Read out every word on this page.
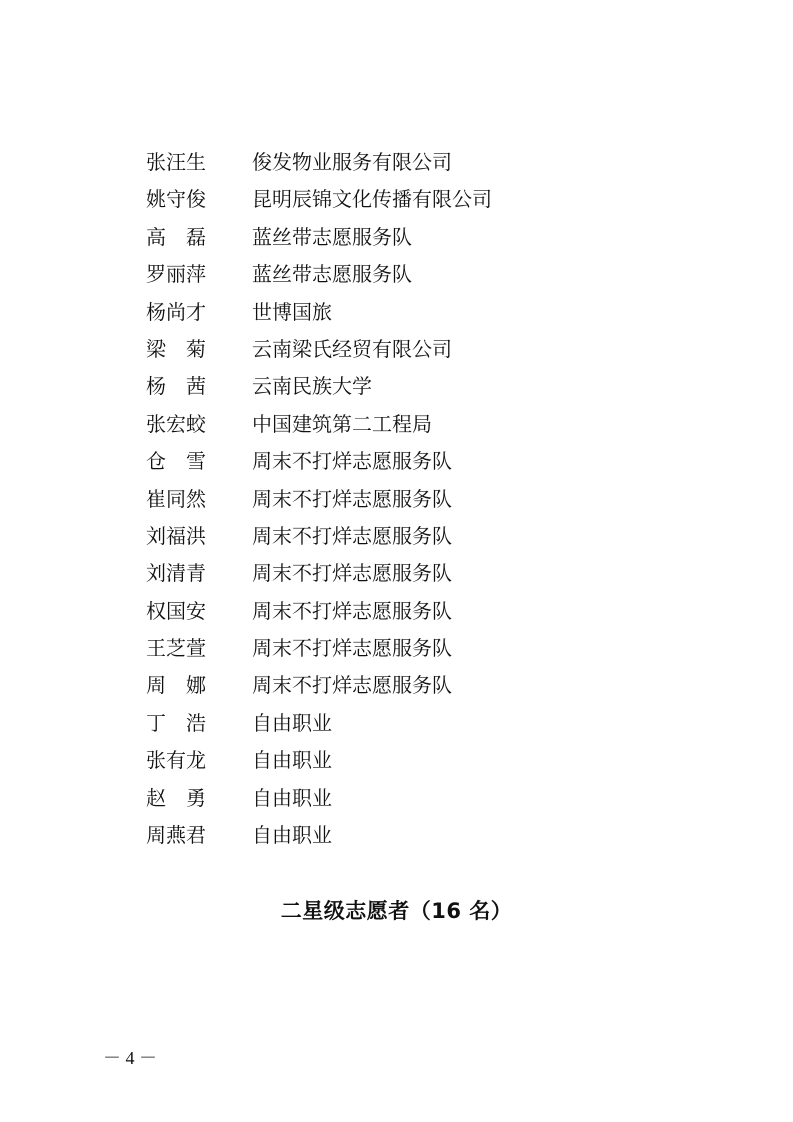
张汪生	俊发物业服务有限公司
姚守俊	昆明辰锦文化传播有限公司
高　磊	蓝丝带志愿服务队
罗丽萍	蓝丝带志愿服务队
杨尚才	世博国旅
梁　菊	云南梁氏经贸有限公司
杨　茜	云南民族大学
张宏蛟	中国建筑第二工程局
仓　雪	周末不打烊志愿服务队
崔同然	周末不打烊志愿服务队
刘福洪	周末不打烊志愿服务队
刘清青	周末不打烊志愿服务队
权国安	周末不打烊志愿服务队
王芝萱	周末不打烊志愿服务队
周　娜	周末不打烊志愿服务队
丁　浩	自由职业
张有龙	自由职业
赵　勇	自由职业
周燕君	自由职业
二星级志愿者（16 名）
－ 4 －
